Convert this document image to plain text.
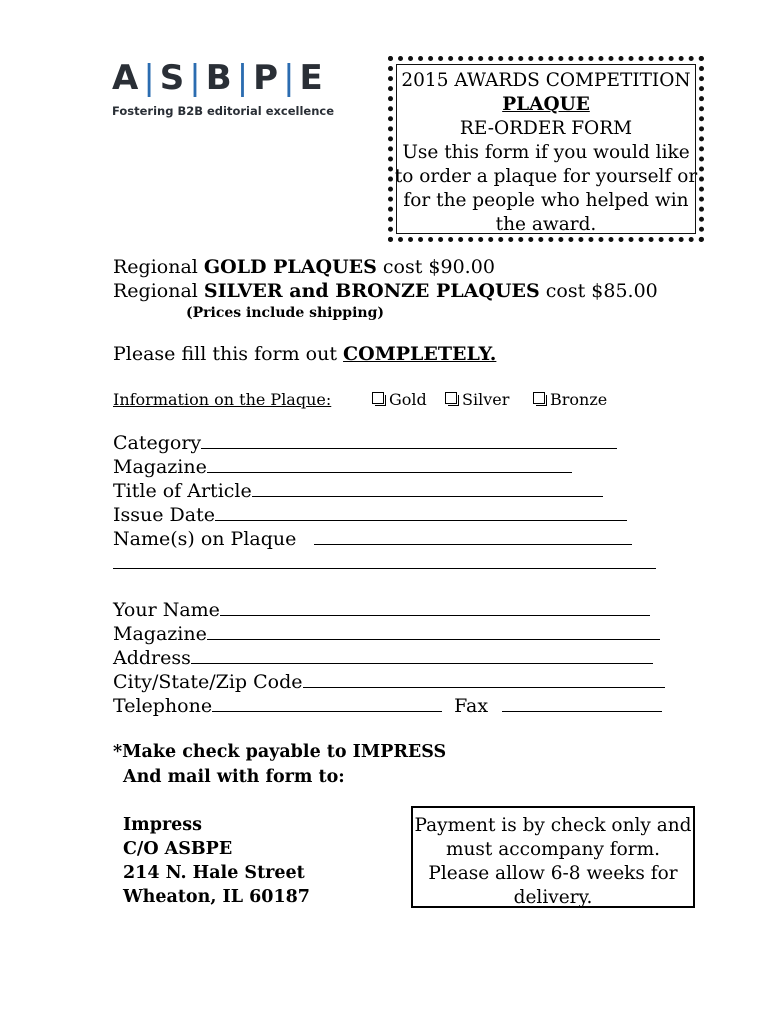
A | S | B | P | E
Fostering B2B editorial excellence
2015 AWARDS COMPETITION
PLAQUE
RE-ORDER FORM
Use this form if you would like
to order a plaque for yourself or
for the people who helped win
the award.
Regional GOLD PLAQUES cost $90.00
Regional SILVER and BRONZE PLAQUES cost $85.00
(Prices include shipping)
Please fill this form out COMPLETELY.
Information on the Plaque:	Gold	Silver	Bronze
Category
Magazine
Title of Article
Issue Date
Name(s) on Plaque
Your Name
Magazine
Address
City/State/Zip Code
Telephone	Fax
*Make check payable to IMPRESS
And mail with form to:
Impress
C/O ASBPE
214 N. Hale Street
Wheaton, IL 60187
Payment is by check only and
must accompany form.
Please allow 6-8 weeks for
delivery.
